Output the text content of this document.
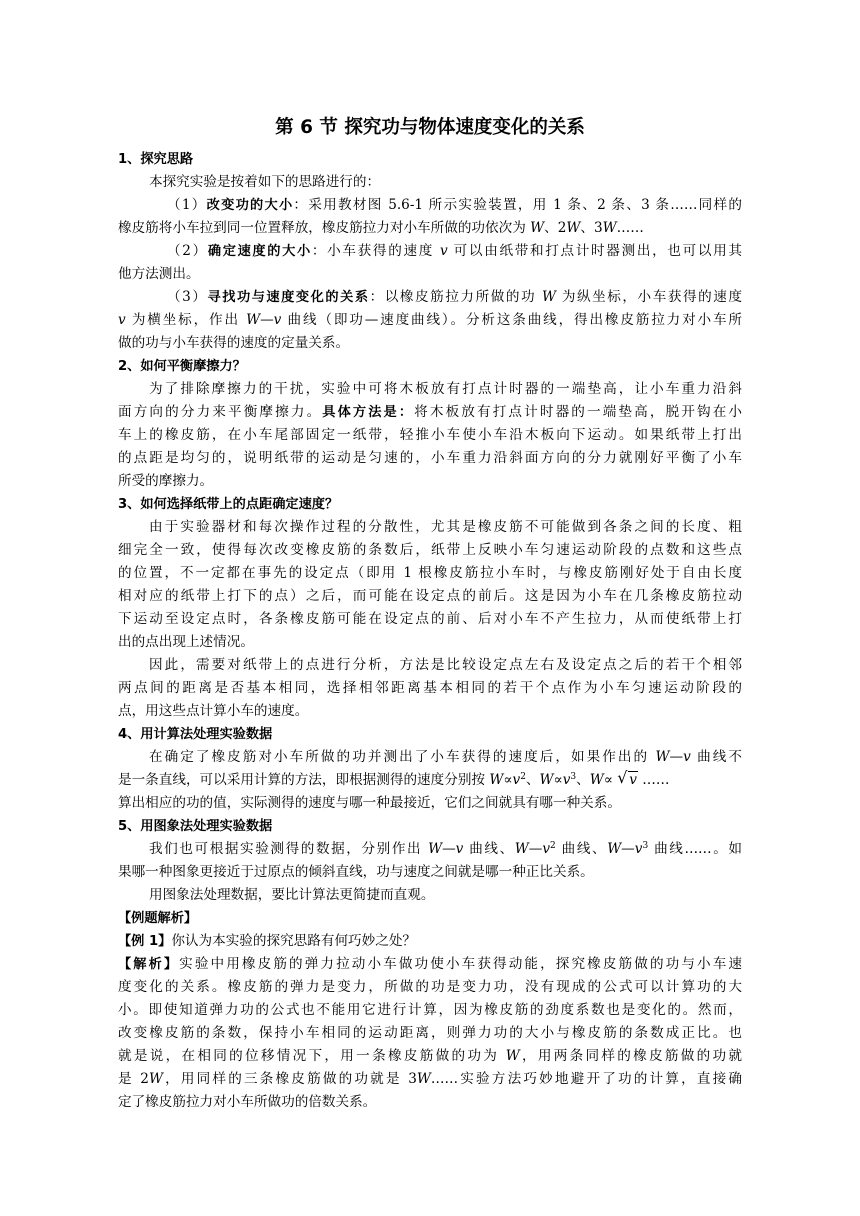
第 6 节 探究功与物体速度变化的关系
1、探究思路
本探究实验是按着如下的思路进行的：
（1）改变功的大小：采用教材图 5.6-1 所示实验装置，用 1 条、2 条、3 条……同样的
橡皮筋将小车拉到同一位置释放，橡皮筋拉力对小车所做的功依次为 W、2W、3W……
（2）确定速度的大小：小车获得的速度 v 可以由纸带和打点计时器测出，也可以用其
他方法测出。
（3）寻找功与速度变化的关系：以橡皮筋拉力所做的功 W 为纵坐标，小车获得的速度
v 为横坐标，作出 W—v 曲线（即功—速度曲线）。分析这条曲线，得出橡皮筋拉力对小车所
做的功与小车获得的速度的定量关系。
2、如何平衡摩擦力？
为了排除摩擦力的干扰，实验中可将木板放有打点计时器的一端垫高，让小车重力沿斜
面方向的分力来平衡摩擦力。具体方法是：将木板放有打点计时器的一端垫高，脱开钩在小
车上的橡皮筋，在小车尾部固定一纸带，轻推小车使小车沿木板向下运动。如果纸带上打出
的点距是均匀的，说明纸带的运动是匀速的，小车重力沿斜面方向的分力就刚好平衡了小车
所受的摩擦力。
3、如何选择纸带上的点距确定速度？
由于实验器材和每次操作过程的分散性，尤其是橡皮筋不可能做到各条之间的长度、粗
细完全一致，使得每次改变橡皮筋的条数后，纸带上反映小车匀速运动阶段的点数和这些点
的位置，不一定都在事先的设定点（即用 1 根橡皮筋拉小车时，与橡皮筋刚好处于自由长度
相对应的纸带上打下的点）之后，而可能在设定点的前后。这是因为小车在几条橡皮筋拉动
下运动至设定点时，各条橡皮筋可能在设定点的前、后对小车不产生拉力，从而使纸带上打
出的点出现上述情况。
因此，需要对纸带上的点进行分析，方法是比较设定点左右及设定点之后的若干个相邻
两点间的距离是否基本相同，选择相邻距离基本相同的若干个点作为小车匀速运动阶段的
点，用这些点计算小车的速度。
4、用计算法处理实验数据
在确定了橡皮筋对小车所做的功并测出了小车获得的速度后，如果作出的 W—v 曲线不
是一条直线，可以采用计算的方法，即根据测得的速度分别按 $W\propto v^2$、$W\propto v^3$、W∝ √ v ……
算出相应的功的值，实际测得的速度与哪一种最接近，它们之间就具有哪一种关系。
5、用图象法处理实验数据
我们也可根据实验测得的数据，分别作出 W—v 曲线、$W—v^2$ 曲线、$W—v^3$ 曲线……。如
果哪一种图象更接近于过原点的倾斜直线，功与速度之间就是哪一种正比关系。
用图象法处理数据，要比计算法更简捷而直观。
【例题解析】
【例 1】你认为本实验的探究思路有何巧妙之处？
【解析】实验中用橡皮筋的弹力拉动小车做功使小车获得动能，探究橡皮筋做的功与小车速
度变化的关系。橡皮筋的弹力是变力，所做的功是变力功，没有现成的公式可以计算功的大
小。即使知道弹力功的公式也不能用它进行计算，因为橡皮筋的劲度系数也是变化的。然而，
改变橡皮筋的条数，保持小车相同的运动距离，则弹力功的大小与橡皮筋的条数成正比。也
就是说，在相同的位移情况下，用一条橡皮筋做的功为 W，用两条同样的橡皮筋做的功就
是 2W，用同样的三条橡皮筋做的功就是 3W……实验方法巧妙地避开了功的计算，直接确
定了橡皮筋拉力对小车所做功的倍数关系。
